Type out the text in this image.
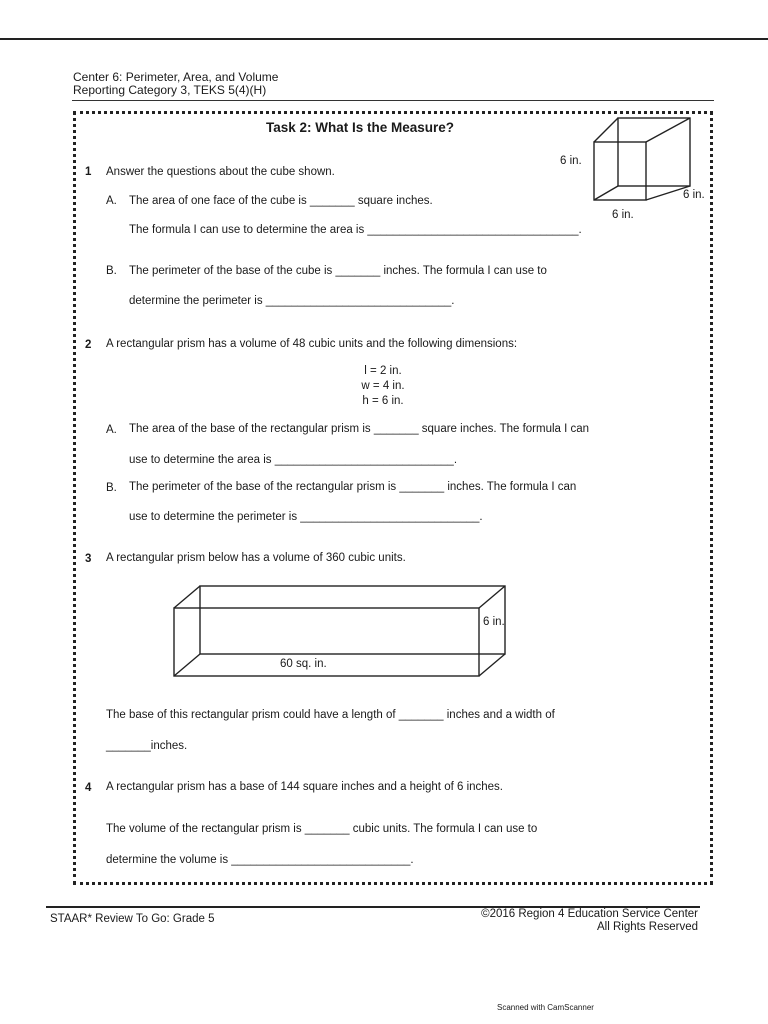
Center 6: Perimeter, Area, and Volume
Reporting Category 3, TEKS 5(4)(H)
Task 2: What Is the Measure?
6 in.
6 in.
6 in.
1 Answer the questions about the cube shown.
A. The area of one face of the cube is _______ square inches.
The formula I can use to determine the area is _________________________________.
B. The perimeter of the base of the cube is _______ inches. The formula I can use to
determine the perimeter is _____________________________.
2 A rectangular prism has a volume of 48 cubic units and the following dimensions:
l = 2 in.
w = 4 in.
h = 6 in.
A. The area of the base of the rectangular prism is _______ square inches. The formula I can
use to determine the area is ____________________________.
B. The perimeter of the base of the rectangular prism is _______ inches. The formula I can
use to determine the perimeter is ____________________________.
3 A rectangular prism below has a volume of 360 cubic units.
6 in.
60 sq. in.
The base of this rectangular prism could have a length of _______ inches and a width of
_______inches.
4 A rectangular prism has a base of 144 square inches and a height of 6 inches.
The volume of the rectangular prism is _______ cubic units. The formula I can use to
determine the volume is ____________________________.
STAAR* Review To Go: Grade 5	©2016 Region 4 Education Service Center
All Rights Reserved
Scanned with CamScanner
